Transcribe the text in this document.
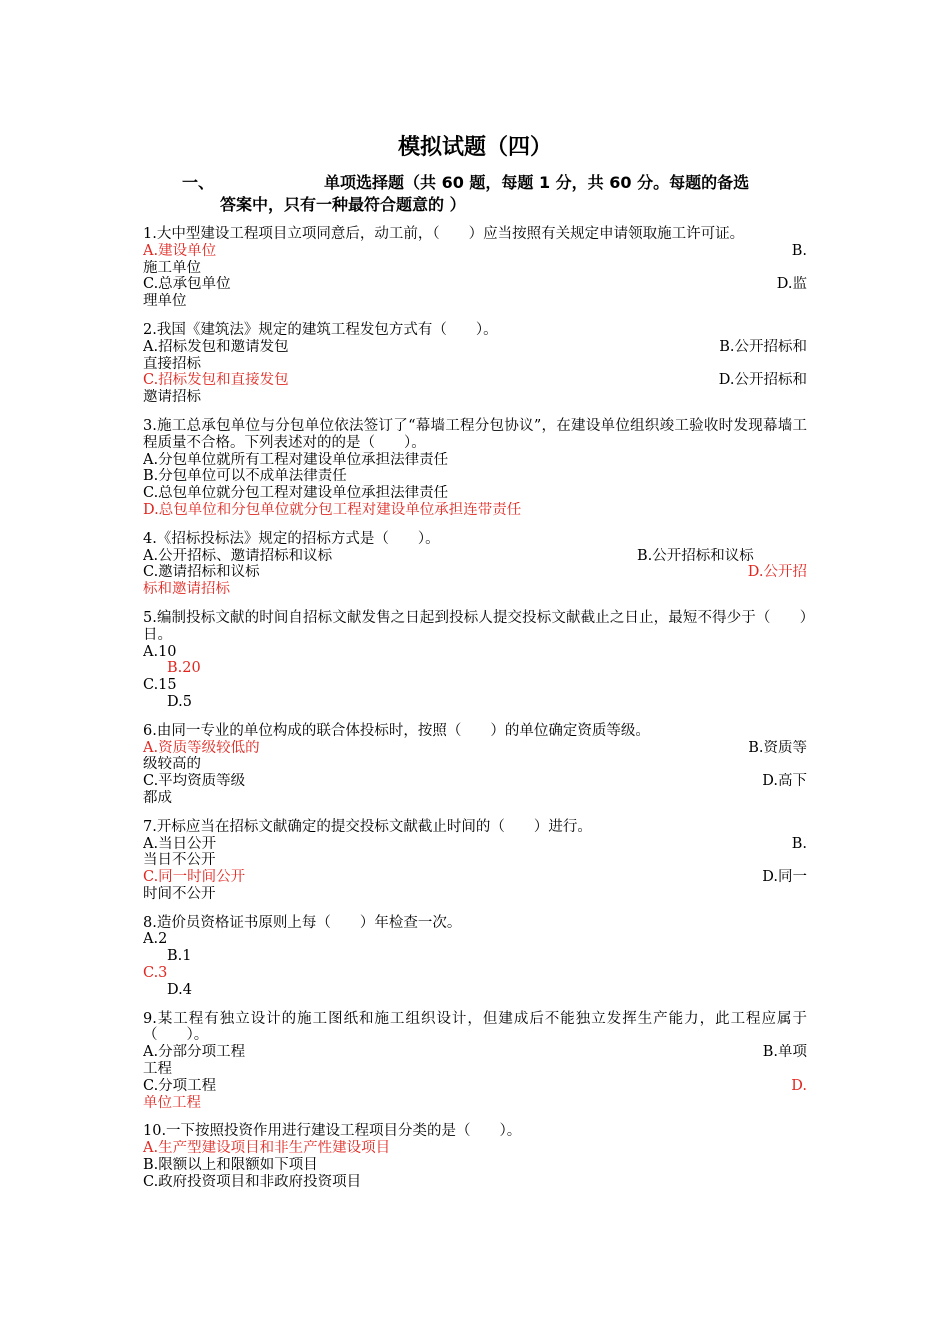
模拟试题（四）
一、	单项选择题（共 60 题，每题 1 分，共 60 分。每题的备选
答案中，只有一种最符合题意的 ）
1.大中型建设工程项目立项同意后，动工前，（　　）应当按照有关规定申请领取施工许可证。
A.建设单位	B.
施工单位
C.总承包单位	D.监
理单位
2.我国《建筑法》规定的建筑工程发包方式有（　　）。
A.招标发包和邀请发包	B.公开招标和
直接招标
C.招标发包和直接发包	D.公开招标和
邀请招标
3.施工总承包单位与分包单位依法签订了“幕墙工程分包协议”，在建设单位组织竣工验收时发现幕墙工程质量不合格。下列表述对的的是（　　）。
A.分包单位就所有工程对建设单位承担法律责任
B.分包单位可以不成单法律责任
C.总包单位就分包工程对建设单位承担法律责任
D.总包单位和分包单位就分包工程对建设单位承担连带责任
4.《招标投标法》规定的招标方式是（　　）。
A.公开招标、邀请招标和议标	B.公开招标和议标
C.邀请招标和议标	D.公开招
标和邀请招标
5.编制投标文献的时间自招标文献发售之日起到投标人提交投标文献截止之日止，最短不得少于（　　）日。
A.10
B.20
C.15
D.5
6.由同一专业的单位构成的联合体投标时，按照（　　）的单位确定资质等级。
A.资质等级较低的	B.资质等
级较高的
C.平均资质等级	D.高下
都成
7.开标应当在招标文献确定的提交投标文献截止时间的（　　）进行。
A.当日公开	B.
当日不公开
C.同一时间公开	D.同一
时间不公开
8.造价员资格证书原则上每（　　）年检查一次。
A.2
B.1
C.3
D.4
9.某工程有独立设计的施工图纸和施工组织设计，但建成后不能独立发挥生产能力，此工程应属于（　　）。
A.分部分项工程	B.单项
工程
C.分项工程	D.
单位工程
10.一下按照投资作用进行建设工程项目分类的是（　　）。
A.生产型建设项目和非生产性建设项目
B.限额以上和限额如下项目
C.政府投资项目和非政府投资项目
